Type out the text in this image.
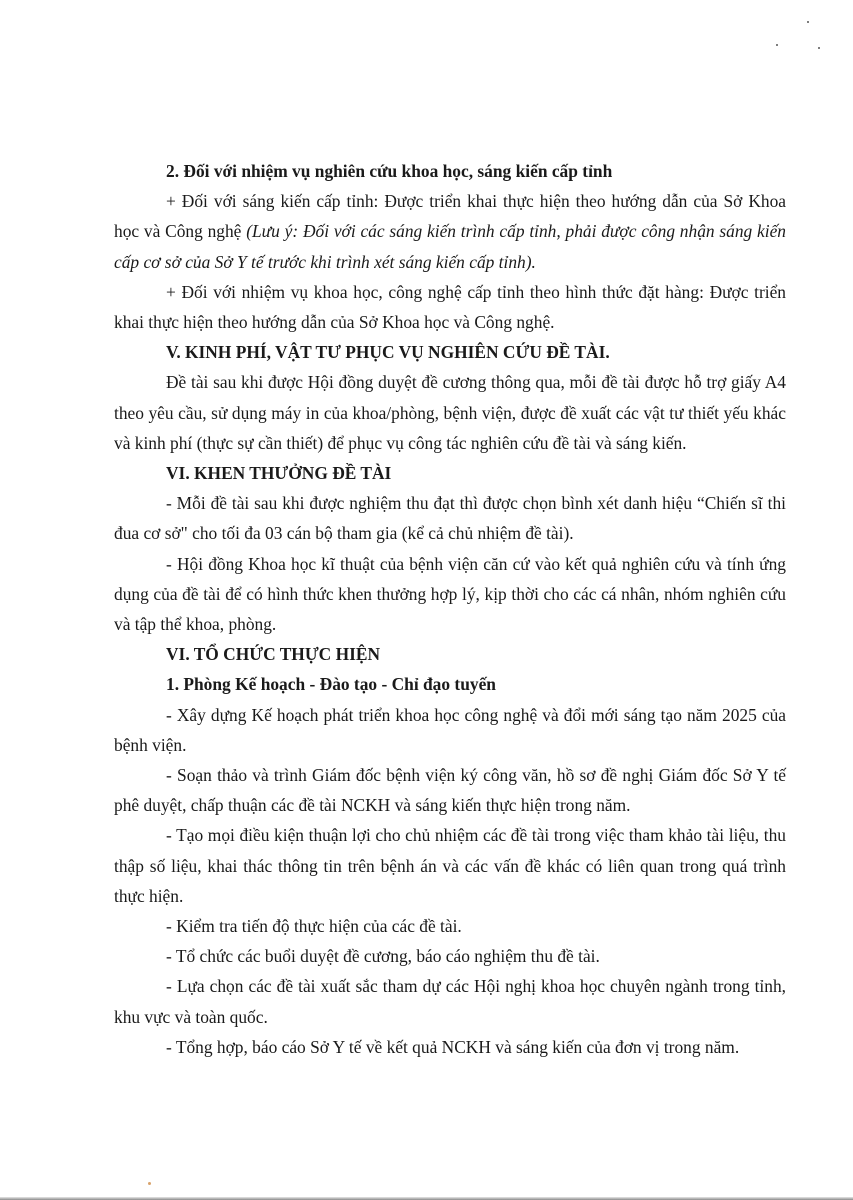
2. Đối với nhiệm vụ nghiên cứu khoa học, sáng kiến cấp tỉnh

+ Đối với sáng kiến cấp tỉnh: Được triển khai thực hiện theo hướng dẫn của Sở Khoa học và Công nghệ (Lưu ý: Đối với các sáng kiến trình cấp tỉnh, phải được công nhận sáng kiến cấp cơ sở của Sở Y tế trước khi trình xét sáng kiến cấp tỉnh).

+ Đối với nhiệm vụ khoa học, công nghệ cấp tỉnh theo hình thức đặt hàng: Được triển khai thực hiện theo hướng dẫn của Sở Khoa học và Công nghệ.

V. KINH PHÍ, VẬT TƯ PHỤC VỤ NGHIÊN CỨU ĐỀ TÀI.

Đề tài sau khi được Hội đồng duyệt đề cương thông qua, mỗi đề tài được hỗ trợ giấy A4 theo yêu cầu, sử dụng máy in của khoa/phòng, bệnh viện, được đề xuất các vật tư thiết yếu khác và kinh phí (thực sự cần thiết) để phục vụ công tác nghiên cứu đề tài và sáng kiến.

VI. KHEN THƯỞNG ĐỀ TÀI

- Mỗi đề tài sau khi được nghiệm thu đạt thì được chọn bình xét danh hiệu “Chiến sĩ thi đua cơ sở" cho tối đa 03 cán bộ tham gia (kể cả chủ nhiệm đề tài).

- Hội đồng Khoa học kĩ thuật của bệnh viện căn cứ vào kết quả nghiên cứu và tính ứng dụng của đề tài để có hình thức khen thưởng hợp lý, kịp thời cho các cá nhân, nhóm nghiên cứu và tập thể khoa, phòng.

VI. TỔ CHỨC THỰC HIỆN

1. Phòng Kế hoạch - Đào tạo - Chỉ đạo tuyến

- Xây dựng Kế hoạch phát triển khoa học công nghệ và đổi mới sáng tạo năm 2025 của bệnh viện.

- Soạn thảo và trình Giám đốc bệnh viện ký công văn, hồ sơ đề nghị Giám đốc Sở Y tế phê duyệt, chấp thuận các đề tài NCKH và sáng kiến thực hiện trong năm.

- Tạo mọi điều kiện thuận lợi cho chủ nhiệm các đề tài trong việc tham khảo tài liệu, thu thập số liệu, khai thác thông tin trên bệnh án và các vấn đề khác có liên quan trong quá trình thực hiện.

- Kiểm tra tiến độ thực hiện của các đề tài.

- Tổ chức các buổi duyệt đề cương, báo cáo nghiệm thu đề tài.

- Lựa chọn các đề tài xuất sắc tham dự các Hội nghị khoa học chuyên ngành trong tỉnh, khu vực và toàn quốc.

- Tổng hợp, báo cáo Sở Y tế về kết quả NCKH và sáng kiến của đơn vị trong năm.
